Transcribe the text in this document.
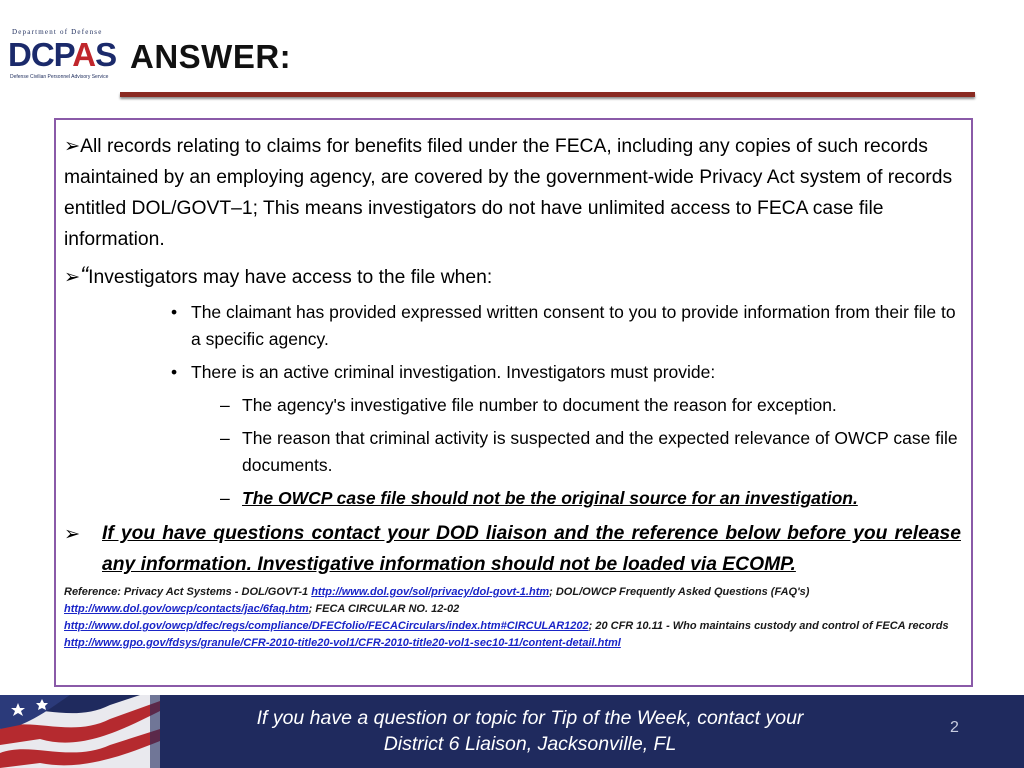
Department of Defense
DCPAS
Defense Civilian Personnel Advisory Service
ANSWER:

➢All records relating to claims for benefits filed under the FECA, including any copies of such records maintained by an employing agency, are covered by the government-wide Privacy Act system of records entitled DOL/GOVT–1; This means investigators do not have unlimited access to FECA case file information.

➢“Investigators may have access to the file when:

• The claimant has provided expressed written consent to you to provide information from their file to a specific agency.
• There is an active criminal investigation. Investigators must provide:
– The agency's investigative file number to document the reason for exception.
– The reason that criminal activity is suspected and the expected relevance of OWCP case file documents.
– The OWCP case file should not be the original source for an investigation.

➢ If you have questions contact your DOD liaison and the reference below before you release any information. Investigative information should not be loaded via ECOMP.

Reference: Privacy Act Systems - DOL/GOVT-1 http://www.dol.gov/sol/privacy/dol-govt-1.htm; DOL/OWCP Frequently Asked Questions (FAQ's) http://www.dol.gov/owcp/contacts/jac/6faq.htm; FECA CIRCULAR NO. 12-02 http://www.dol.gov/owcp/dfec/regs/compliance/DFECfolio/FECACirculars/index.htm#CIRCULAR1202; 20 CFR 10.11 - Who maintains custody and control of FECA records http://www.gpo.gov/fdsys/granule/CFR-2010-title20-vol1/CFR-2010-title20-vol1-sec10-11/content-detail.html

If you have a question or topic for Tip of the Week, contact your
District 6 Liaison, Jacksonville, FL
2
